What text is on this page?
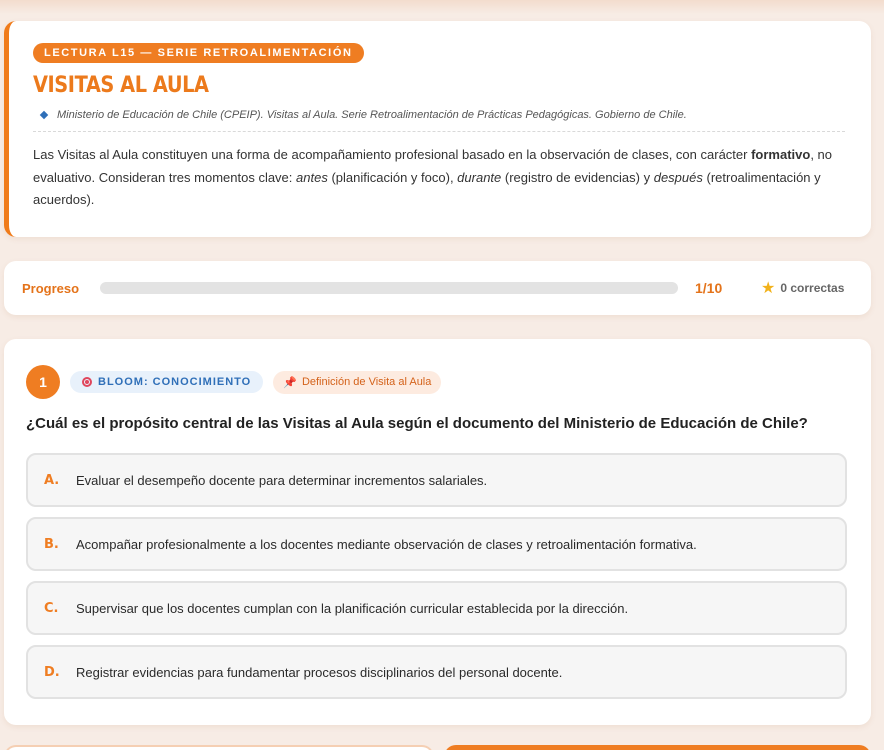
LECTURA L15 — SERIE RETROALIMENTACIÓN
VISITAS AL AULA
Ministerio de Educación de Chile (CPEIP). Visitas al Aula. Serie Retroalimentación de Prácticas Pedagógicas. Gobierno de Chile.

Las Visitas al Aula constituyen una forma de acompañamiento profesional basado en la observación de clases, con carácter formativo, no evaluativo. Consideran tres momentos clave: antes (planificación y foco), durante (registro de evidencias) y después (retroalimentación y acuerdos).

Progreso	1/10	★ 0 correctas
1	BLOOM: CONOCIMIENTO	📌 Definición de Visita al Aula

¿Cuál es el propósito central de las Visitas al Aula según el documento del Ministerio de Educación de Chile?

A.	Evaluar el desempeño docente para determinar incrementos salariales.
B.	Acompañar profesionalmente a los docentes mediante observación de clases y retroalimentación formativa.
C.	Supervisar que los docentes cumplan con la planificación curricular establecida por la dirección.
D.	Registrar evidencias para fundamentar procesos disciplinarios del personal docente.
